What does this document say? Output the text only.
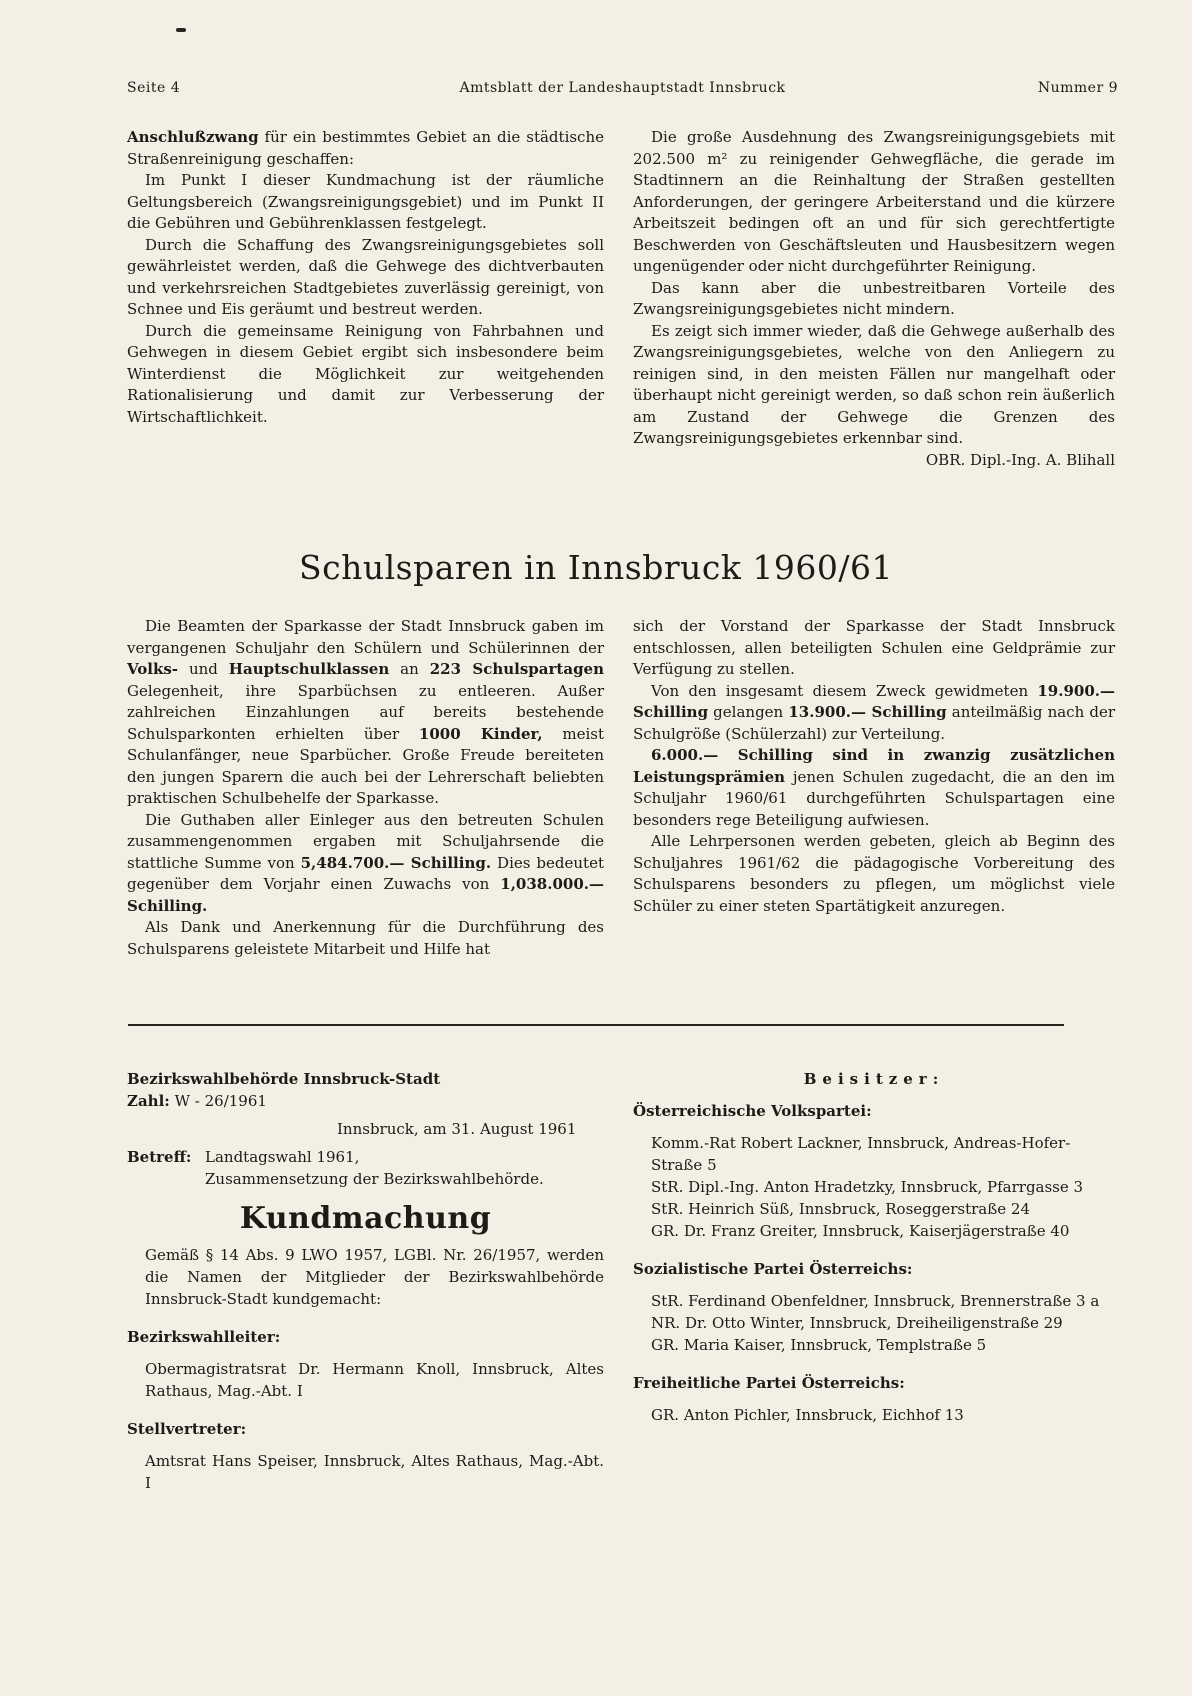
Seite 4	Amtsblatt der Landeshauptstadt Innsbruck	Nummer 9

Anschlußzwang für ein bestimmtes Gebiet an die städtische Straßenreinigung geschaffen:

Im Punkt I dieser Kundmachung ist der räumliche Geltungsbereich (Zwangsreinigungsgebiet) und im Punkt II die Gebühren und Gebührenklassen festgelegt.

Durch die Schaffung des Zwangsreinigungsgebietes soll gewährleistet werden, daß die Gehwege des dichtverbauten und verkehrsreichen Stadtgebietes zuverlässig gereinigt, von Schnee und Eis geräumt und bestreut werden.

Durch die gemeinsame Reinigung von Fahrbahnen und Gehwegen in diesem Gebiet ergibt sich insbesondere beim Winterdienst die Möglichkeit zur weitgehenden Rationalisierung und damit zur Verbesserung der Wirtschaftlichkeit.

Die große Ausdehnung des Zwangsreinigungsgebiets mit 202.500 m² zu reinigender Gehwegfläche, die gerade im Stadtinnern an die Reinhaltung der Straßen gestellten Anforderungen, der geringere Arbeiterstand und die kürzere Arbeitszeit bedingen oft an und für sich gerechtfertigte Beschwerden von Geschäftsleuten und Hausbesitzern wegen ungenügender oder nicht durchgeführter Reinigung.

Das kann aber die unbestreitbaren Vorteile des Zwangsreinigungsgebietes nicht mindern.

Es zeigt sich immer wieder, daß die Gehwege außerhalb des Zwangsreinigungsgebietes, welche von den Anliegern zu reinigen sind, in den meisten Fällen nur mangelhaft oder überhaupt nicht gereinigt werden, so daß schon rein äußerlich am Zustand der Gehwege die Grenzen des Zwangsreinigungsgebietes erkennbar sind.

OBR. Dipl.-Ing. A. Blihall

Schulsparen in Innsbruck 1960/61

Die Beamten der Sparkasse der Stadt Innsbruck gaben im vergangenen Schuljahr den Schülern und Schülerinnen der Volks- und Hauptschulklassen an 223 Schulspartagen Gelegenheit, ihre Sparbüchsen zu entleeren. Außer zahlreichen Einzahlungen auf bereits bestehende Schulsparkonten erhielten über 1000 Kinder, meist Schulanfänger, neue Sparbücher. Große Freude bereiteten den jungen Sparern die auch bei der Lehrerschaft beliebten praktischen Schulbehelfe der Sparkasse.

Die Guthaben aller Einleger aus den betreuten Schulen zusammengenommen ergaben mit Schuljahrsende die stattliche Summe von 5,484.700.— Schilling. Dies bedeutet gegenüber dem Vorjahr einen Zuwachs von 1,038.000.— Schilling.

Als Dank und Anerkennung für die Durchführung des Schulsparens geleistete Mitarbeit und Hilfe hat

sich der Vorstand der Sparkasse der Stadt Innsbruck entschlossen, allen beteiligten Schulen eine Geldprämie zur Verfügung zu stellen.

Von den insgesamt diesem Zweck gewidmeten 19.900.— Schilling gelangen 13.900.— Schilling anteilmäßig nach der Schulgröße (Schülerzahl) zur Verteilung.

6.000.— Schilling sind in zwanzig zusätzlichen Leistungsprämien jenen Schulen zugedacht, die an den im Schuljahr 1960/61 durchgeführten Schulspartagen eine besonders rege Beteiligung aufwiesen.

Alle Lehrpersonen werden gebeten, gleich ab Beginn des Schuljahres 1961/62 die pädagogische Vorbereitung des Schulsparens besonders zu pflegen, um möglichst viele Schüler zu einer steten Spartätigkeit anzuregen.

Bezirkswahlbehörde Innsbruck-Stadt
Zahl: W - 26/1961
Innsbruck, am 31. August 1961
Betreff: Landtagswahl 1961,
Zusammensetzung der Bezirkswahlbehörde.
Kundmachung
Gemäß § 14 Abs. 9 LWO 1957, LGBl. Nr. 26/1957, werden die Namen der Mitglieder der Bezirkswahlbehörde Innsbruck-Stadt kundgemacht:
Bezirkswahlleiter:
Obermagistratsrat Dr. Hermann Knoll, Innsbruck, Altes Rathaus, Mag.-Abt. I
Stellvertreter:
Amtsrat Hans Speiser, Innsbruck, Altes Rathaus, Mag.-Abt. I
Beisitzer:
Österreichische Volkspartei:
Komm.-Rat Robert Lackner, Innsbruck, Andreas-Hofer-Straße 5
StR. Dipl.-Ing. Anton Hradetzky, Innsbruck, Pfarrgasse 3
StR. Heinrich Süß, Innsbruck, Roseggerstraße 24
GR. Dr. Franz Greiter, Innsbruck, Kaiserjägerstraße 40
Sozialistische Partei Österreichs:
StR. Ferdinand Obenfeldner, Innsbruck, Brennerstraße 3 a
NR. Dr. Otto Winter, Innsbruck, Dreiheiligenstraße 29
GR. Maria Kaiser, Innsbruck, Templstraße 5
Freiheitliche Partei Österreichs:
GR. Anton Pichler, Innsbruck, Eichhof 13
